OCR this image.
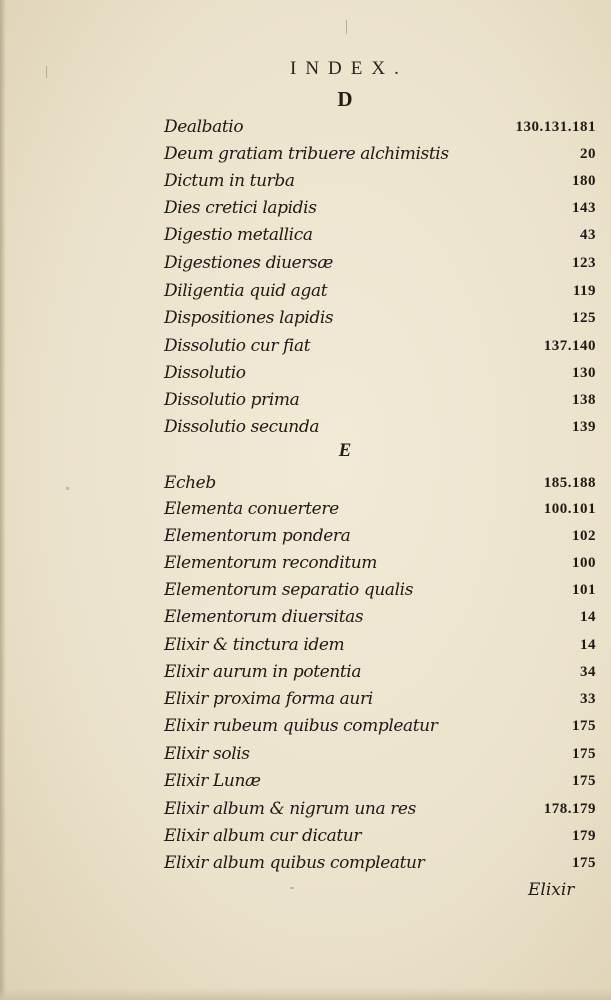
INDEX.
D
Dealbatio	130.131.181
Deum gratiam tribuere alchimistis	20
Dictum in turba	180
Dies cretici lapidis	143
Digestio metallica	43
Digestiones diuersæ	123
Diligentia quid agat	119
Dispositiones lapidis	125
Dissolutio cur fiat	137.140
Dissolutio	130
Dissolutio prima	138
Dissolutio secunda	139
E
Echeb	185.188
Elementa conuertere	100.101
Elementorum pondera	102
Elementorum reconditum	100
Elementorum separatio qualis	101
Elementorum diuersitas	14
Elixir & tinctura idem	14
Elixir aurum in potentia	34
Elixir proxima forma auri	33
Elixir rubeum quibus compleatur	175
Elixir solis	175
Elixir Lunæ	175
Elixir album & nigrum una res	178.179
Elixir album cur dicatur	179
Elixir album quibus compleatur	175
Elixir
